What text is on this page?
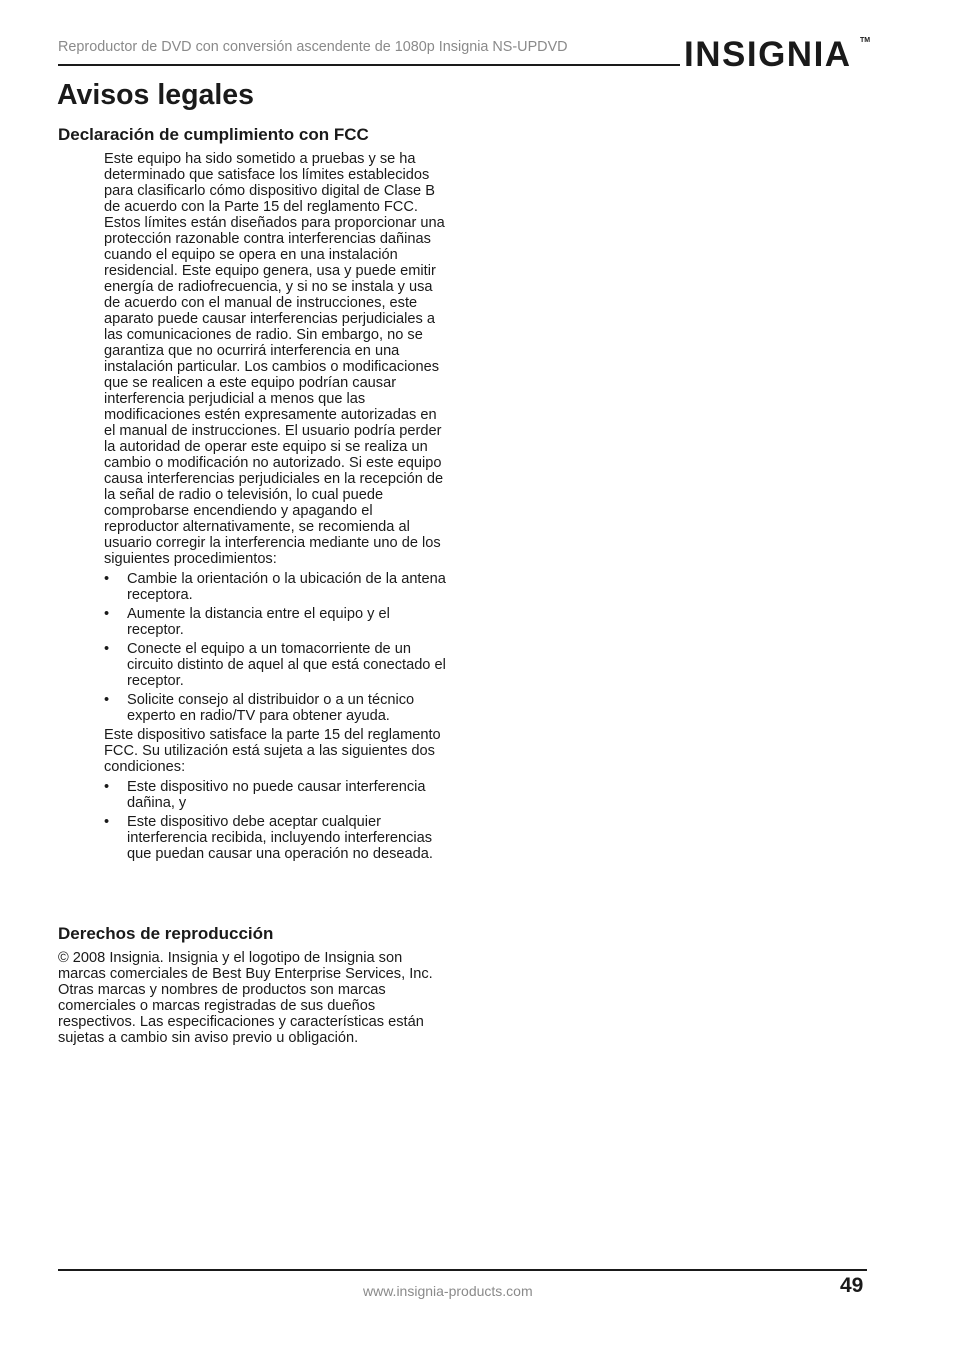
Reproductor de DVD con conversión ascendente de 1080p Insignia NS-UPDVD	INSIGNIA TM
Avisos legales
Declaración de cumplimiento con FCC

Este equipo ha sido sometido a pruebas y se ha determinado que satisface los límites establecidos para clasificarlo cómo dispositivo digital de Clase B de acuerdo con la Parte 15 del reglamento FCC. Estos límites están diseñados para proporcionar una protección razonable contra interferencias dañinas cuando el equipo se opera en una instalación residencial. Este equipo genera, usa y puede emitir energía de radiofrecuencia, y si no se instala y usa de acuerdo con el manual de instrucciones, este aparato puede causar interferencias perjudiciales a las comunicaciones de radio. Sin embargo, no se garantiza que no ocurrirá interferencia en una instalación particular. Los cambios o modificaciones que se realicen a este equipo podrían causar interferencia perjudicial a menos que las modificaciones estén expresamente autorizadas en el manual de instrucciones. El usuario podría perder la autoridad de operar este equipo si se realiza un cambio o modificación no autorizado. Si este equipo causa interferencias perjudiciales en la recepción de la señal de radio o televisión, lo cual puede comprobarse encendiendo y apagando el reproductor alternativamente, se recomienda al usuario corregir la interferencia mediante uno de los siguientes procedimientos:

• Cambie la orientación o la ubicación de la antena receptora.
• Aumente la distancia entre el equipo y el receptor.
• Conecte el equipo a un tomacorriente de un circuito distinto de aquel al que está conectado el receptor.
• Solicite consejo al distribuidor o a un técnico experto en radio/TV para obtener ayuda.

Este dispositivo satisface la parte 15 del reglamento FCC. Su utilización está sujeta a las siguientes dos condiciones:

• Este dispositivo no puede causar interferencia dañina, y
• Este dispositivo debe aceptar cualquier interferencia recibida, incluyendo interferencias que puedan causar una operación no deseada.
Derechos de reproducción

© 2008 Insignia. Insignia y el logotipo de Insignia son marcas comerciales de Best Buy Enterprise Services, Inc. Otras marcas y nombres de productos son marcas comerciales o marcas registradas de sus dueños respectivos. Las especificaciones y características están sujetas a cambio sin aviso previo u obligación.

www.insignia-products.com	49
